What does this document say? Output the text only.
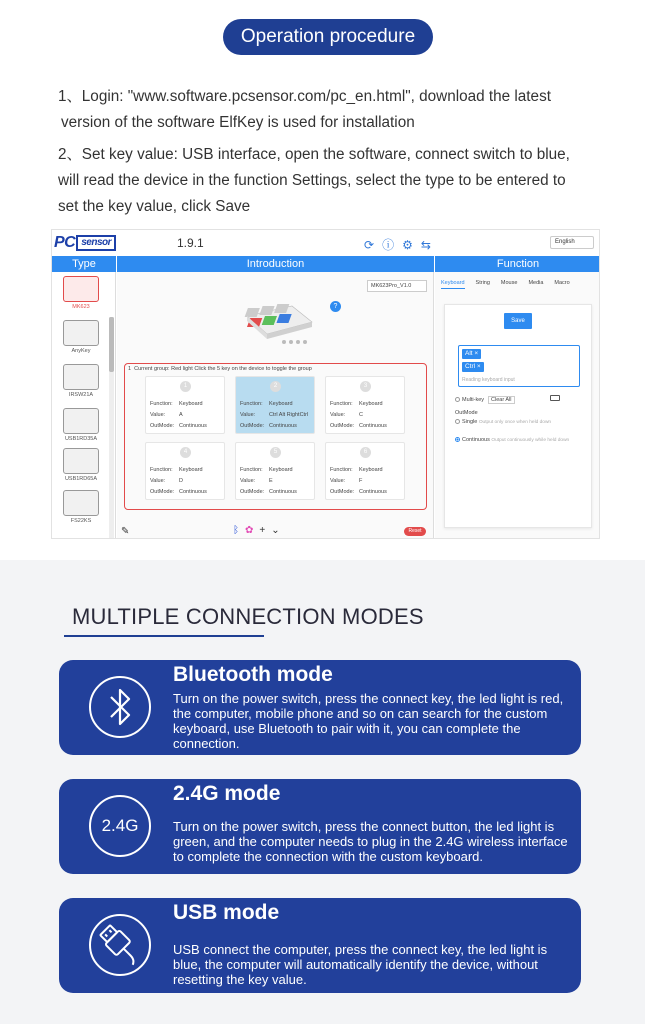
Operation procedure

1、Login: "www.software.pcsensor.com/pc_en.html", download the latest
version of the software ElfKey is used for installation

2、Set key value: USB interface, open the software, connect switch to blue, will read the device in the function Settings, select the type to be entered to set the key value, click Save

PC sensor	1.9.1	⟳ⓘ⚙⇆	English
Type	Introduction	Function
MK623
AnyKey
IRSW21A
USB1RD35A
USB1RD65A
FS22KS
MK623Pro_V1.0
?
1 Current group: Red light Click the 5 key on the device to toggle the group
1
Function: Keyboard
Value:	A
OutMode: Continuous
2
Function: Keyboard
Value:	Ctrl Alt RightCtrl
OutMode: Continuous
3
Function: Keyboard
Value:	C
OutMode: Continuous
4
Function: Keyboard
Value:	D
OutMode: Continuous
5
Function: Keyboard
Value:	E
OutMode: Continuous
6
Function: Keyboard
Value:	F
OutMode: Continuous
✎	ᛒ✿+⌄	Reset
Keyboard String Mouse Media Macro
Save
Alt ×
Ctrl ×
Reading keyboard input
Multi-key Clear All
OutMode
Single Output only once when held down
Continuous Output continuously while held down
MULTIPLE CONNECTION MODES
Bluetooth mode
Turn on the power switch, press the connect key, the led light is red, the computer, mobile phone and so on can search for the custom keyboard, use Bluetooth to pair with it, you can complete the connection.
2.4G
2.4G mode
Turn on the power switch, press the connect button, the led light is green, and the computer needs to plug in the 2.4G wireless interface to complete the connection with the custom keyboard.
USB mode
USB connect the computer, press the connect key, the led light is blue, the computer will automatically identify the device, without resetting the key value.
